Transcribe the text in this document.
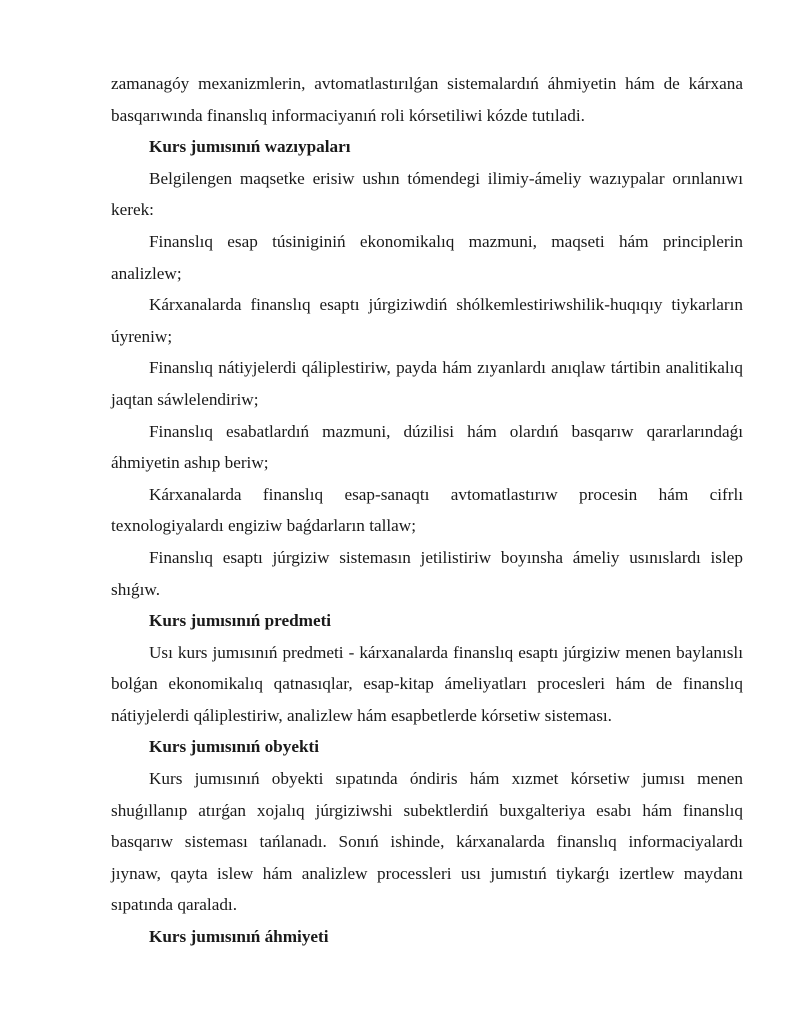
zamanagóy mexanizmlerin, avtomatlastırılǵan sistemalardıń áhmiyetin hám de kárxana basqarıwında finanslıq informaciyanıń roli kórsetiliwi kózde tutıladi.

Kurs jumısınıń wazıypaları

Belgilengen maqsetke erisiw ushın tómendegi ilimiy-ámeliy wazıypalar orınlanıwı kerek:

Finanslıq esap túsiniginiń ekonomikalıq mazmuni, maqseti hám principlerin analizlew;

Kárxanalarda finanslıq esaptı júrgiziwdiń shólkemlestiriwshilik-huqıqıy tiykarların úyreniw;

Finanslıq nátiyjelerdi qáliplestiriw, payda hám zıyanlardı anıqlaw tártibin analitikalıq jaqtan sáwlelendiriw;

Finanslıq esabatlardıń mazmuni, dúzilisi hám olardıń basqarıw qararlarındaǵı áhmiyetin ashıp beriw;

Kárxanalarda finanslıq esap-sanaqtı avtomatlastırıw procesin hám cifrlı texnologiyalardı engiziw baǵdarların tallaw;

Finanslıq esaptı júrgiziw sistemasın jetilistiriw boyınsha ámeliy usınıslardı islep shıǵıw.

Kurs jumısınıń predmeti

Usı kurs jumısınıń predmeti - kárxanalarda finanslıq esaptı júrgiziw menen baylanıslı bolǵan ekonomikalıq qatnasıqlar, esap-kitap ámeliyatları procesleri hám de finanslıq nátiyjelerdi qáliplestiriw, analizlew hám esapbetlerde kórsetiw sisteması.

Kurs jumısınıń obyekti

Kurs jumısınıń obyekti sıpatında óndiris hám xızmet kórsetiw jumısı menen shuǵıllanıp atırǵan xojalıq júrgiziwshi subektlerdiń buxgalteriya esabı hám finanslıq basqarıw sisteması tańlanadı. Sonıń ishinde, kárxanalarda finanslıq informaciyalardı jıynaw, qayta islew hám analizlew processleri usı jumıstıń tiykarǵı izertlew maydanı sıpatında qaraladı.

Kurs jumısınıń áhmiyeti
